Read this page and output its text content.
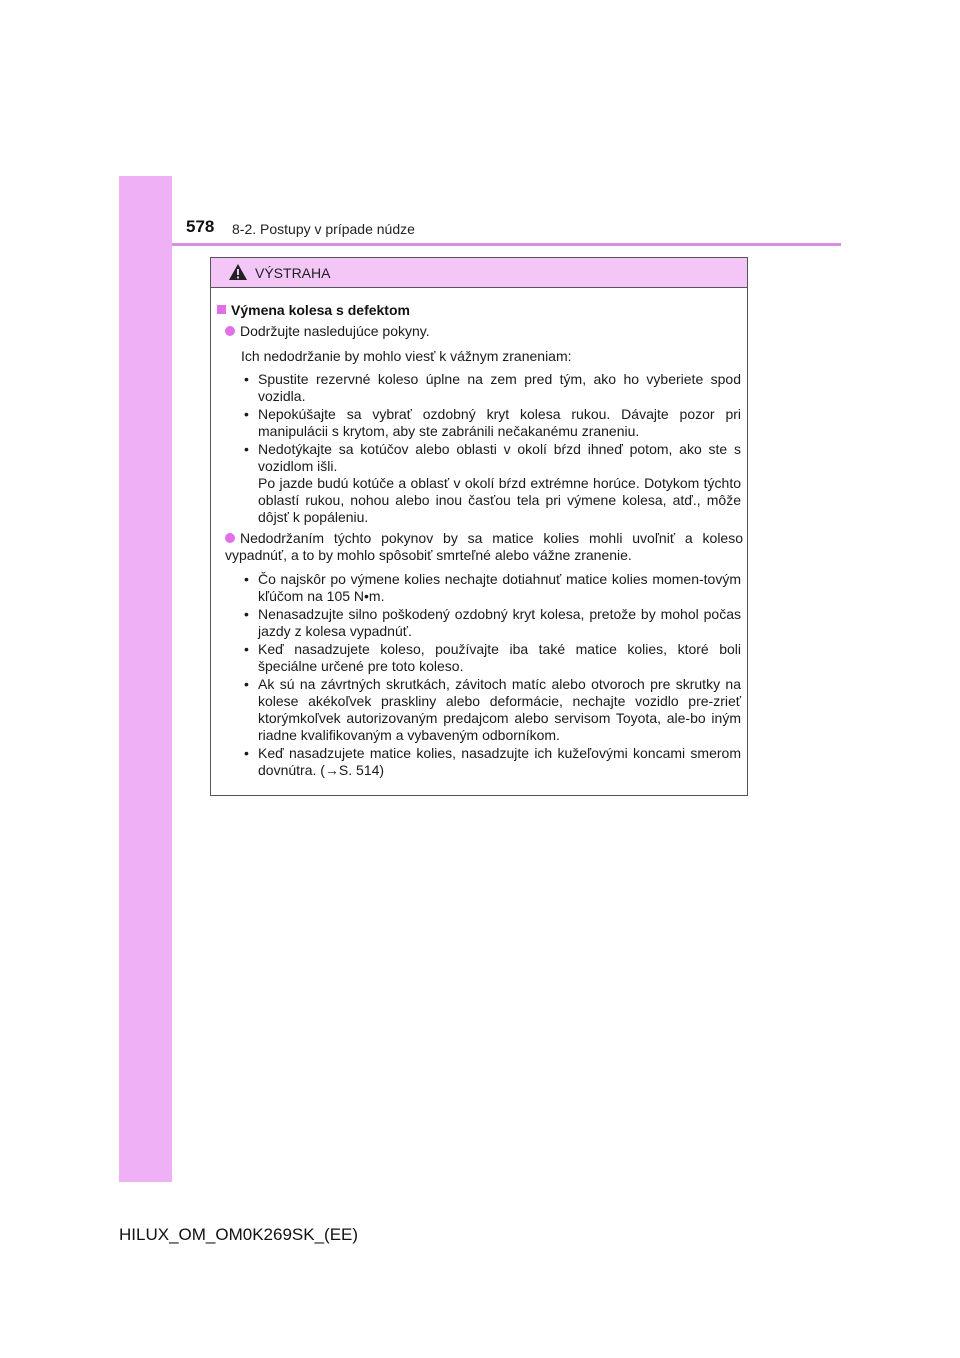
578 8-2. Postupy v prípade núdze
VÝSTRAHA
Výmena kolesa s defektom
Dodržujte nasledujúce pokyny.
Ich nedodržanie by mohlo viesť k vážnym zraneniam:
• Spustite rezervné koleso úplne na zem pred tým, ako ho vyberiete spod vozidla.
• Nepokúšajte sa vybrať ozdobný kryt kolesa rukou. Dávajte pozor pri manipulácii s krytom, aby ste zabránili nečakanému zraneniu.
• Nedotýkajte sa kotúčov alebo oblasti v okolí bŕzd ihneď potom, ako ste s vozidlom išli.
Po jazde budú kotúče a oblasť v okolí bŕzd extrémne horúce. Dotykom týchto oblastí rukou, nohou alebo inou časťou tela pri výmene kolesa, atď., môže dôjsť k popáleniu.
Nedodržaním týchto pokynov by sa matice kolies mohli uvoľniť a koleso vypadnúť, a to by mohlo spôsobiť smrteľné alebo vážne zranenie.
• Čo najskôr po výmene kolies nechajte dotiahnuť matice kolies momen-tovým kľúčom na 105 N•m.
• Nenasadzujte silno poškodený ozdobný kryt kolesa, pretože by mohol počas jazdy z kolesa vypadnúť.
• Keď nasadzujete koleso, používajte iba také matice kolies, ktoré boli špeciálne určené pre toto koleso.
• Ak sú na závrtných skrutkách, závitoch matíc alebo otvoroch pre skrutky na kolese akékoľvek praskliny alebo deformácie, nechajte vozidlo pre-zrieť ktorýmkoľvek autorizovaným predajcom alebo servisom Toyota, ale-bo iným riadne kvalifikovaným a vybaveným odborníkom.
• Keď nasadzujete matice kolies, nasadzujte ich kužeľovými koncami smerom dovnútra. (→S. 514)
HILUX_OM_OM0K269SK_(EE)
